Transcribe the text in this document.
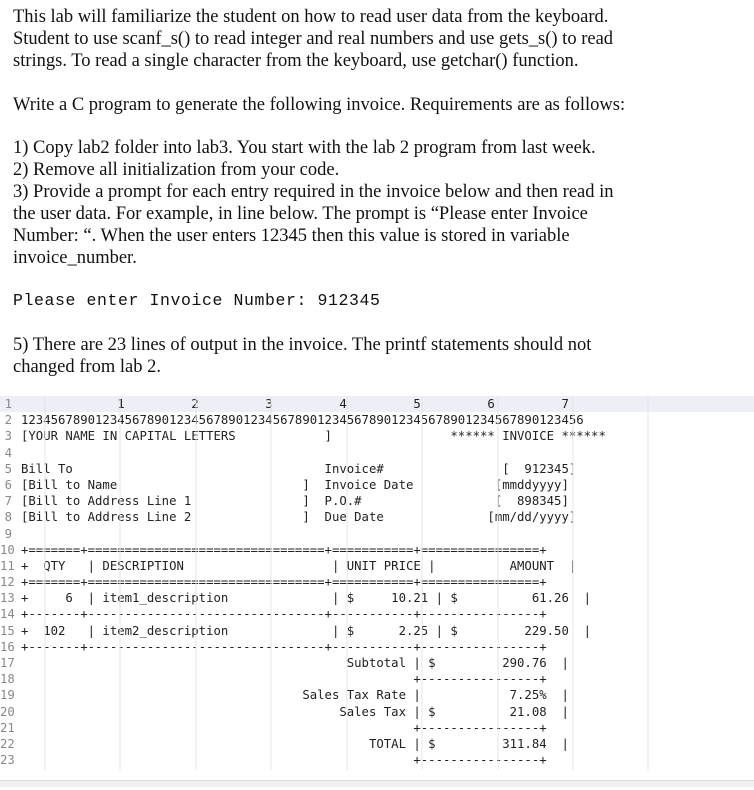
This lab will familiarize the student on how to read user data from the keyboard.
Student to use scanf_s() to read integer and real numbers and use gets_s() to read
strings. To read a single character from the keyboard, use getchar() function.
Write a C program to generate the following invoice. Requirements are as follows:
1) Copy lab2 folder into lab3. You start with the lab 2 program from last week.
2) Remove all initialization from your code.
3) Provide a prompt for each entry required in the invoice below and then read in
the user data. For example, in line below. The prompt is “Please enter Invoice
Number: “. When the user enters 12345 then this value is stored in variable
invoice_number.
Please enter Invoice Number: 912345
5) There are 23 lines of output in the invoice. The printf statements should not
changed from lab 2.
1 1         2         3         4         5         6         7
2 1234567890123456789012345678901234567890123456789012345678901234567890123456
3 [YOUR NAME IN CAPITAL LETTERS            ]                ****** INVOICE ******
4
5 Bill To                                  Invoice#                [  912345]
6 [Bill to Name                         ]  Invoice Date           [mmddyyyy]
7 [Bill to Address Line 1               ]  P.O.#                  [  898345]
8 [Bill to Address Line 2               ]  Due Date              [mm/dd/yyyy]
9
10 +=======+================================+===========+================+
11 +  QTY   | DESCRIPTION                    | UNIT PRICE |          AMOUNT  |
12 +=======+================================+===========+================+
13 +     6  | item1_description              | $     10.21 | $          61.26  |
14 +-------+--------------------------------+-----------+----------------+
15 +  102   | item2_description              | $      2.25 | $         229.50  |
16 +-------+--------------------------------+-----------+----------------+
17 Subtotal | $         290.76  |
18 +----------------+
19 Sales Tax Rate |            7.25%  |
20 Sales Tax | $          21.08  |
21 +----------------+
22 TOTAL | $         311.84  |
23 +----------------+
